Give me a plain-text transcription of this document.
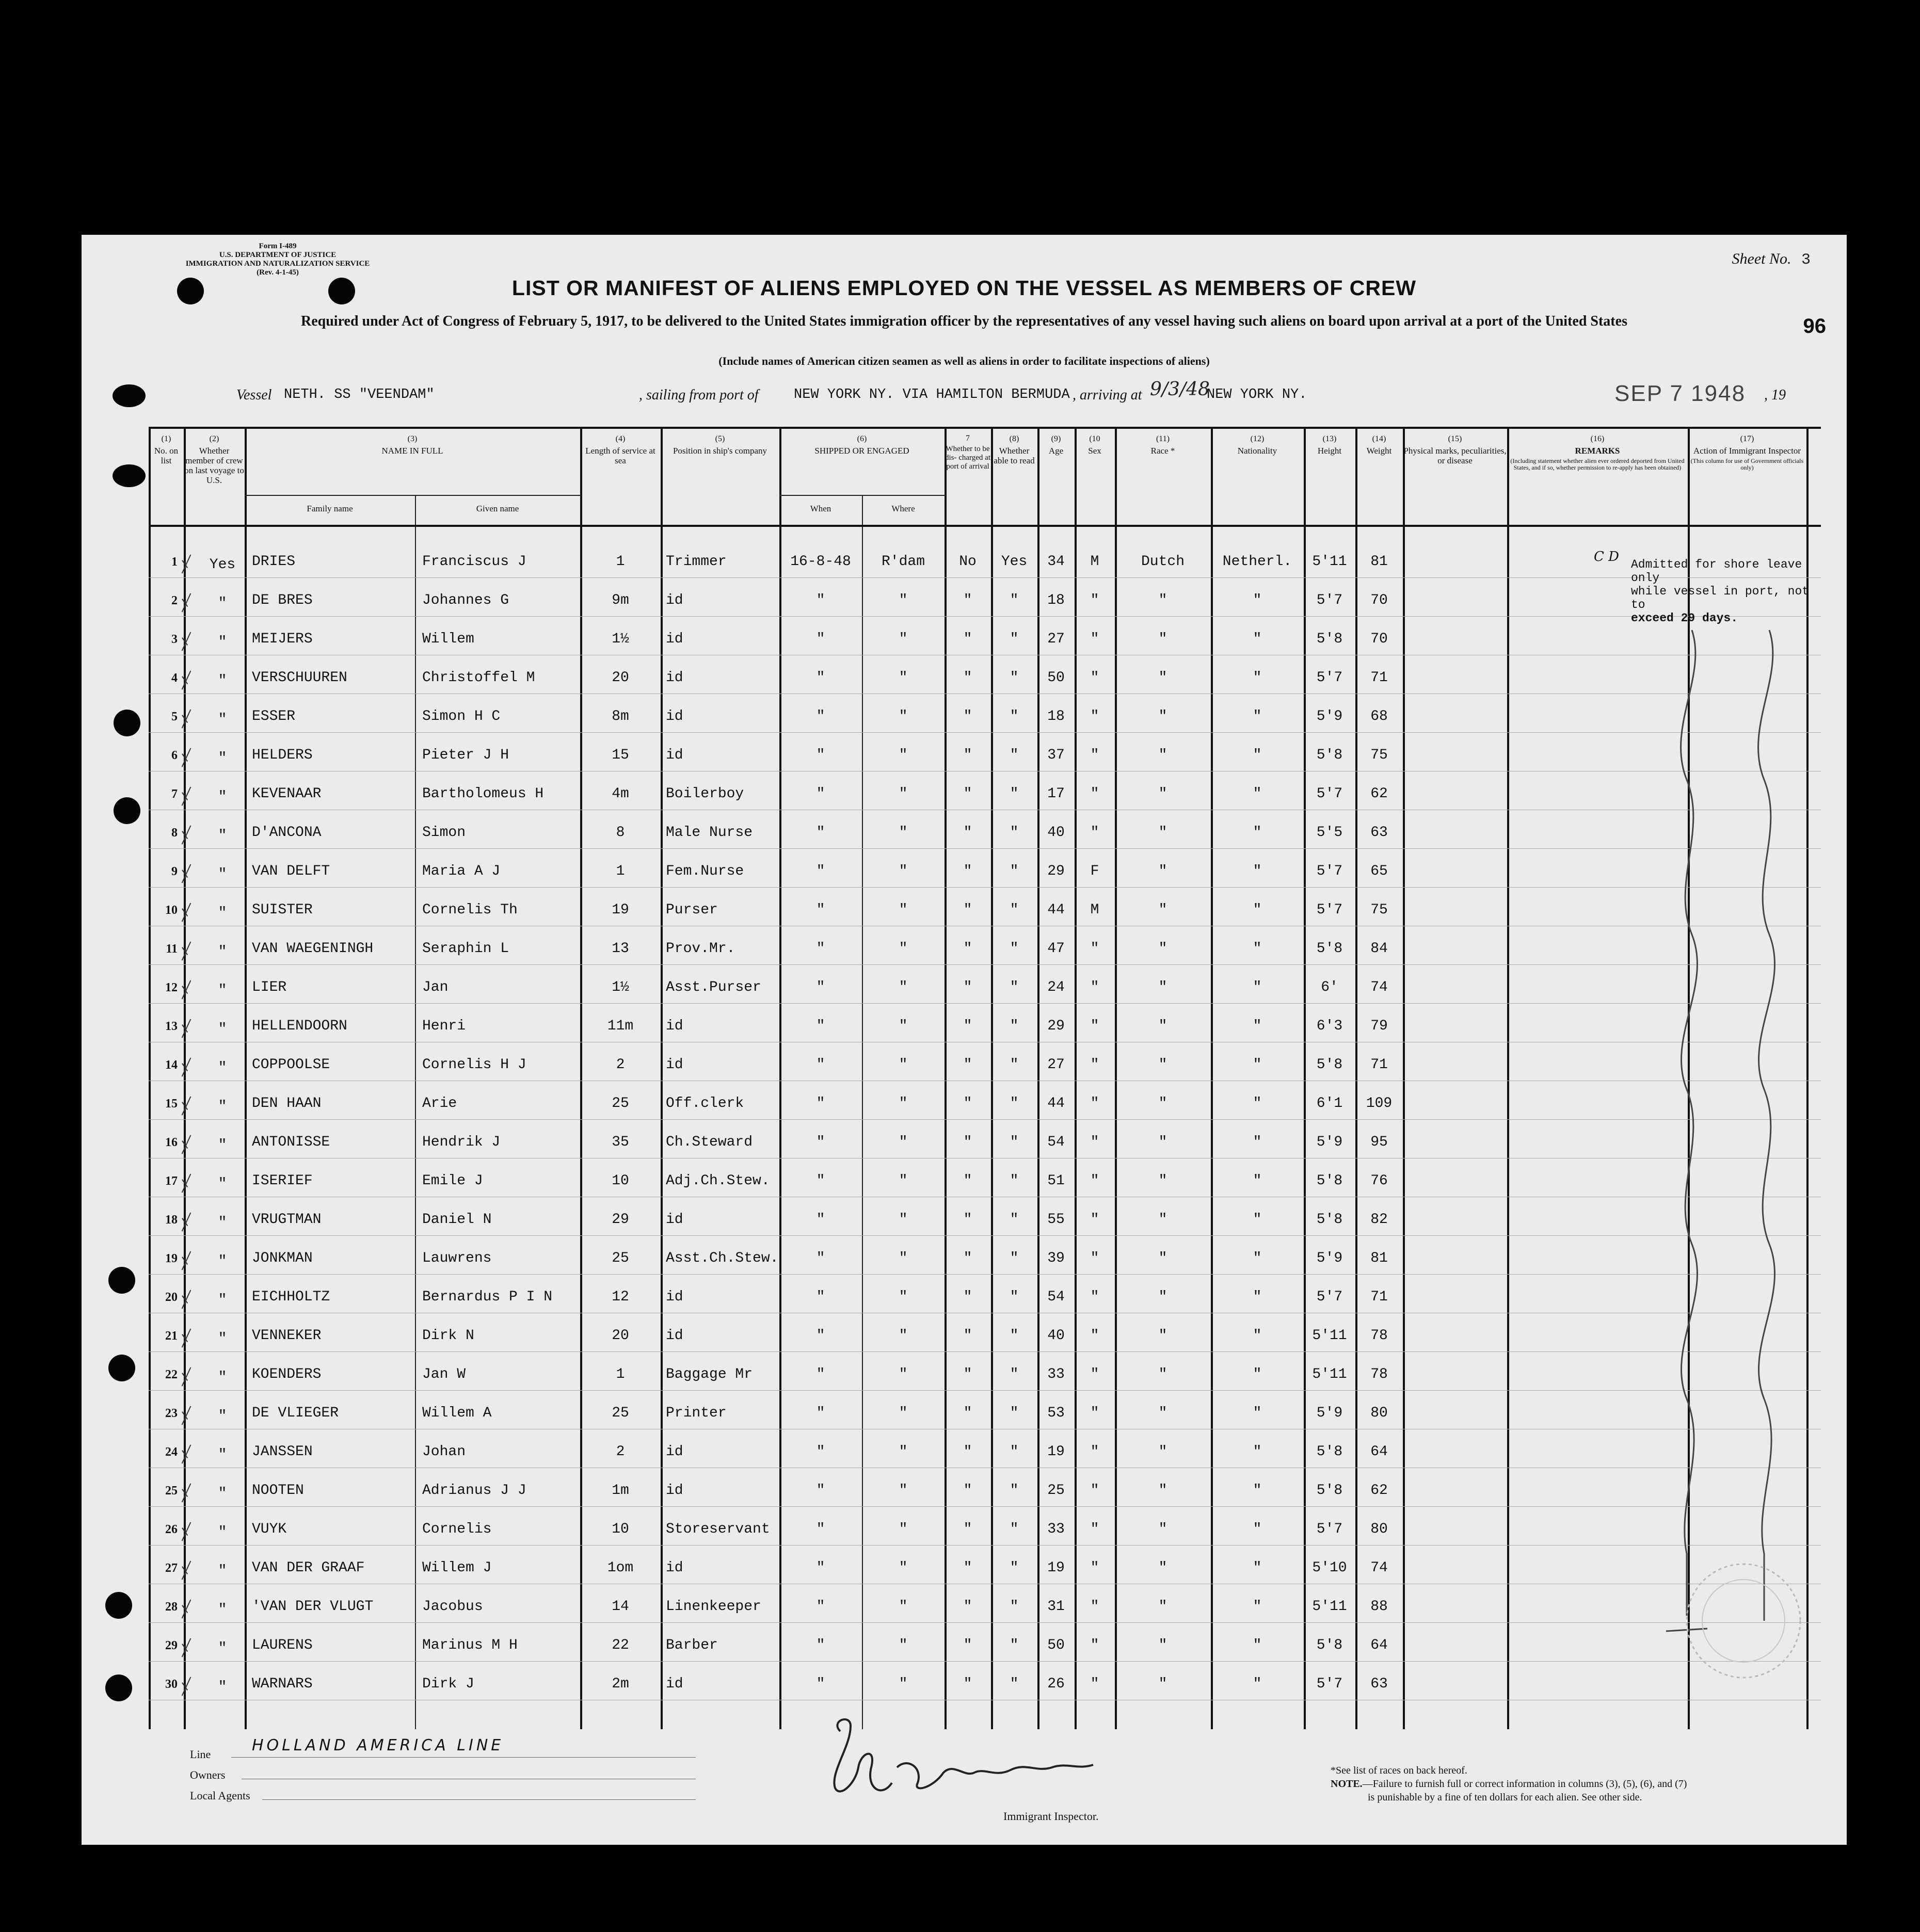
Form I-489
U.S. DEPARTMENT OF JUSTICE
IMMIGRATION AND NATURALIZATION SERVICE
(Rev. 4-1-45)
Sheet No. 3
LIST OR MANIFEST OF ALIENS EMPLOYED ON THE VESSEL AS MEMBERS OF CREW
Required under Act of Congress of February 5, 1917, to be delivered to the United States immigration officer by the representatives of any vessel having such aliens on board upon arrival at a port of the United States	96
(Include names of American citizen seamen as well as aliens in order to facilitate inspections of aliens)
Vessel NETH. SS "VEENDAM"	, sailing from port of	NEW YORK NY. VIA HAMILTON BERMUDA	9/3/48
, arriving at	NEW YORK NY.	SEP 7 1948 , 19
(1)
No. on list
(2)
Whether member of crew on last voyage to U.S.
(3)
NAME IN FULL
Family name	Given name
(4)
Length of service at sea
(5)
Position in ship's company
(6)
SHIPPED OR ENGAGED
When	Where
7
Whether to be dis- charged at port of arrival
(8)
Whether able to read
(9)
Age
(10
Sex
(11)
Race *
(12)
Nationality
(13)
Height
(14)
Weight
(15)
Physical marks, peculiarities, or disease
(16)
REMARKS
(Including statement whether alien ever ordered deported from United States, and if so, whether permission to re-apply has been obtained)
(17)
Action of Immigrant Inspector
(This column for use of Government officials only)
1	Yes	DRIES	Franciscus J	1	Trimmer	16-8-48	R'dam	No	Yes	34	M	Dutch	Netherl.	5'11	81
2	"	DE BRES	Johannes G	9m	id	"	"	"	"	18	"	"	"	5'7	70
3	"	MEIJERS	Willem	1½	id	"	"	"	"	27	"	"	"	5'8	70
4	"	VERSCHUUREN	Christoffel M	20	id	"	"	"	"	50	"	"	"	5'7	71
5	"	ESSER	Simon H C	8m	id	"	"	"	"	18	"	"	"	5'9	68
6	"	HELDERS	Pieter J H	15	id	"	"	"	"	37	"	"	"	5'8	75
7	"	KEVENAAR	Bartholomeus H	4m	Boilerboy	"	"	"	"	17	"	"	"	5'7	62
8	"	D'ANCONA	Simon	8	Male Nurse	"	"	"	"	40	"	"	"	5'5	63
9	"	VAN DELFT	Maria A J	1	Fem.Nurse	"	"	"	"	29	F	"	"	5'7	65
10	"	SUISTER	Cornelis Th	19	Purser	"	"	"	"	44	M	"	"	5'7	75
11	"	VAN WAEGENINGH	Seraphin L	13	Prov.Mr.	"	"	"	"	47	"	"	"	5'8	84
12	"	LIER	Jan	1½	Asst.Purser	"	"	"	"	24	"	"	"	6'	74
13	"	HELLENDOORN	Henri	11m	id	"	"	"	"	29	"	"	"	6'3	79
14	"	COPPOOLSE	Cornelis H J	2	id	"	"	"	"	27	"	"	"	5'8	71
15	"	DEN HAAN	Arie	25	Off.clerk	"	"	"	"	44	"	"	"	6'1	109
16	"	ANTONISSE	Hendrik J	35	Ch.Steward	"	"	"	"	54	"	"	"	5'9	95
17	"	ISERIEF	Emile J	10	Adj.Ch.Stew.	"	"	"	"	51	"	"	"	5'8	76
18	"	VRUGTMAN	Daniel N	29	id	"	"	"	"	55	"	"	"	5'8	82
19	"	JONKMAN	Lauwrens	25	Asst.Ch.Stew.	"	"	"	"	39	"	"	"	5'9	81
20	"	EICHHOLTZ	Bernardus P I N	12	id	"	"	"	"	54	"	"	"	5'7	71
21	"	VENNEKER	Dirk N	20	id	"	"	"	"	40	"	"	"	5'11	78
22	"	KOENDERS	Jan W	1	Baggage Mr	"	"	"	"	33	"	"	"	5'11	78
23	"	DE VLIEGER	Willem A	25	Printer	"	"	"	"	53	"	"	"	5'9	80
24	"	JANSSEN	Johan	2	id	"	"	"	"	19	"	"	"	5'8	64
25	"	NOOTEN	Adrianus J J	1m	id	"	"	"	"	25	"	"	"	5'8	62
26	"	VUYK	Cornelis	10	Storeservant	"	"	"	"	33	"	"	"	5'7	80
27	"	VAN DER GRAAF	Willem J	1om	id	"	"	"	"	19	"	"	"	5'10	74
28	"	'VAN DER VLUGT	Jacobus	14	Linenkeeper	"	"	"	"	31	"	"	"	5'11	88
29	"	LAURENS	Marinus M H	22	Barber	"	"	"	"	50	"	"	"	5'8	64
30	"	WARNARS	Dirk J	2m	id	"	"	"	"	26	"	"	"	5'7	63
C D Admitted for shore leave only
while vessel in port, not to
exceed 29 days.
Line	HOLLAND AMERICA LINE
Owners
Local Agents
E. J. Wadsworth
Immigrant Inspector.
*See list of races on back hereof.
NOTE.—Failure to furnish full or correct information in columns (3), (5), (6), and (7)
is punishable by a fine of ten dollars for each alien. See other side.
